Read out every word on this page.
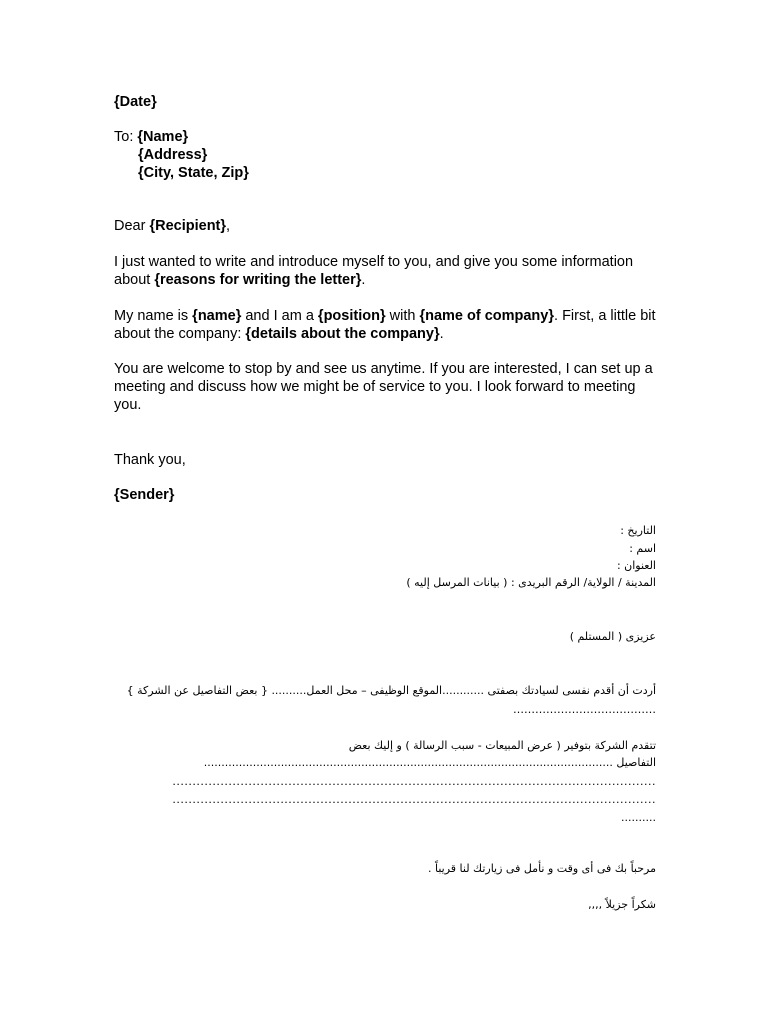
{Date}
To: {Name}
{Address}
{City, State, Zip}
Dear {Recipient},
I just wanted to write and introduce myself to you, and give you some information about {reasons for writing the letter}.
My name is {name} and I am a {position} with {name of company}. First, a little bit about the company: {details about the company}.
You are welcome to stop by and see us anytime. If you are interested, I can set up a meeting and discuss how we might be of service to you. I look forward to meeting you.
Thank you,
{Sender}
التاريخ :
اسم :
العنوان :
المدينة / الولاية/ الرقم البريدى : ( بيانات المرسل إليه )
عزيزى ( المستلم )
أردت أن أقدم نفسى لسيادتك بصفتى ............الموقع الوظيفى – محل العمل.......... { بعض التفاصيل عن الشركة }
…………………………………
تتقدم الشركة بتوفير ( عرض المبيعات - سبب الرسالة ) و إليك بعض
التفاصيل .....................................................................................................................
.........................................................................................................................
.........................................................................................................................
..........
مرحباً بك فى أى وقت و نأمل فى زيارتك لنا قريباً .
شكراً جزيلاً ,,,,
